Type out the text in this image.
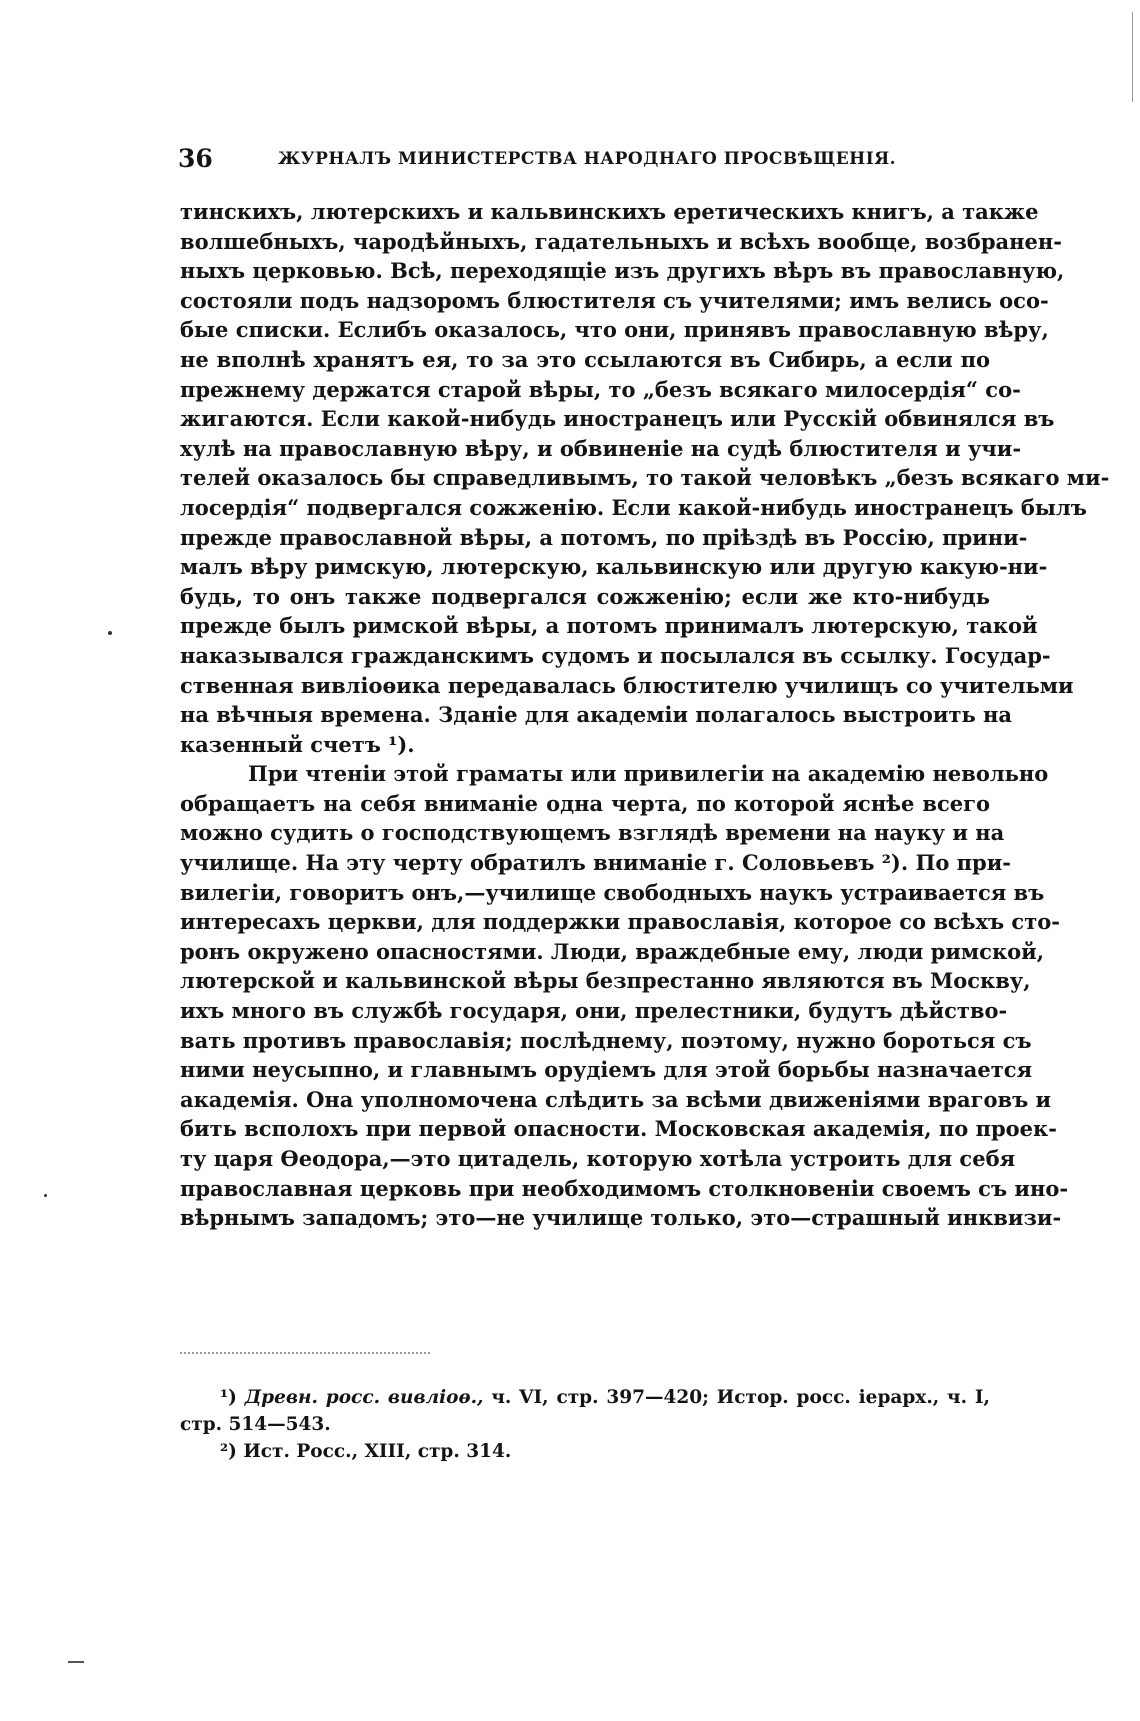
36	ЖУРНАЛЪ МИНИСТЕРСТВА НАРОДНАГО ПРОСВѢЩЕНІЯ.
тинскихъ, лютерскихъ и кальвинскихъ еретическихъ книгъ, а также
волшебныхъ, чародѣйныхъ, гадательныхъ и всѣхъ вообще, возбранен-
ныхъ церковью. Всѣ, переходящіе изъ другихъ вѣръ въ православную,
состояли подъ надзоромъ блюстителя съ учителями; имъ велись осо-
бые списки. Еслибъ оказалось, что они, принявъ православную вѣру,
не вполнѣ хранятъ ея, то за это ссылаются въ Сибирь, а если по
прежнему держатся старой вѣры, то „безъ всякаго милосердія“ со-
жигаются. Если какой-нибудь иностранецъ или Русскій обвинялся въ
хулѣ на православную вѣру, и обвиненіе на судѣ блюстителя и учи-
телей оказалось бы справедливымъ, то такой человѣкъ „безъ всякаго ми-
лосердія“ подвергался сожженію. Если какой-нибудь иностранецъ былъ
прежде православной вѣры, а потомъ, по пріѣздѣ въ Россію, прини-
малъ вѣру римскую, лютерскую, кальвинскую или другую какую-ни-
будь, то онъ также подвергался сожженію; если же кто-нибудь
прежде былъ римской вѣры, а потомъ принималъ лютерскую, такой
наказывался гражданскимъ судомъ и посылался въ ссылку. Государ-
ственная вивліоѳика передавалась блюстителю училищъ со учительми
на вѣчныя времена. Зданіе для академіи полагалось выстроить на
казенный счетъ ¹).
При чтеніи этой граматы или привилегіи на академію невольно
обращаетъ на себя вниманіе одна черта, по которой яснѣе всего
можно судить о господствующемъ взглядѣ времени на науку и на
училище. На эту черту обратилъ вниманіе г. Соловьевъ ²). По при-
вилегіи, говоритъ онъ,—училище свободныхъ наукъ устраивается въ
интересахъ церкви, для поддержки православія, которое со всѣхъ сто-
ронъ окружено опасностями. Люди, враждебные ему, люди римской,
лютерской и кальвинской вѣры безпрестанно являются въ Москву,
ихъ много въ службѣ государя, они, прелестники, будутъ дѣйство-
вать противъ православія; послѣднему, поэтому, нужно бороться съ
ними неусыпно, и главнымъ орудіемъ для этой борьбы назначается
академія. Она уполномочена слѣдить за всѣми движеніями враговъ и
бить всполохъ при первой опасности. Московская академія, по проек-
ту царя Ѳеодора,—это цитадель, которую хотѣла устроить для себя
православная церковь при необходимомъ столкновеніи своемъ съ ино-
вѣрнымъ западомъ; это—не училище только, это—страшный инквизи-
¹) Древн. росс. вивліоѳ., ч. VI, стр. 397—420; Истор. росс. іерарх., ч. I,
стр. 514—543.
²) Ист. Росс., XIII, стр. 314.
